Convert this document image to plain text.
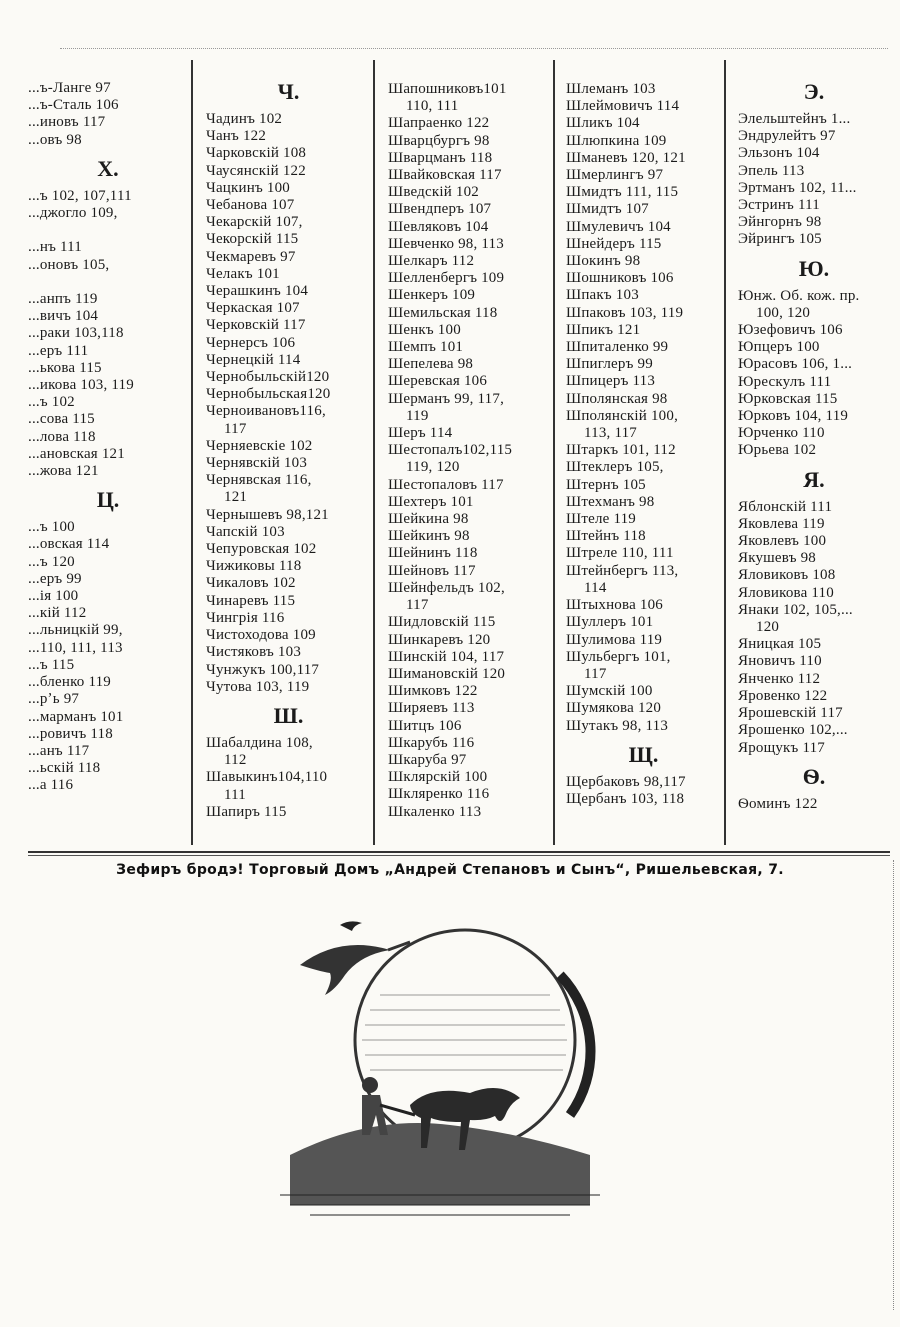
...ъ-Ланге 97
...ъ-Сталь 106
...иновъ 117
...овъ 98
Х.
...ъ 102, 107,111
...джогло 109,

...нъ 111
...оновъ 105,

...анпъ 119
...вичъ 104
...раки 103,118
...еръ 111
...ькова 115
...икова 103, 119
...ъ 102
...сова 115
...лова 118
...ановская 121
...жова 121
Ц.
...ъ 100
...овская 114
...ъ 120
...еръ 99
...ія 100
...кій 112
...льницкій 99,
...110, 111, 113
...ъ 115
...бленко 119
...рʼь 97
...марманъ 101
...ровичъ 118
...анъ 117
...ьскій 118
...а 116
Ч.
Чадинъ 102
Чанъ 122
Чарковскій 108
Чаусянскій 122
Чацкинъ 100
Чебанова 107
Чекарскій 107,
Чекорскій 115
Чекмаревъ 97
Челакъ 101
Черашкинъ 104
Черкаская 107
Черковскій 117
Чернерсъ 106
Чернецкій 114
Чернобыльскій120
Чернобыльская120
Черноивановъ116,
117
Черняевскіе 102
Чернявскій 103
Чернявская 116,
121
Чернышевъ 98,121
Чапскій 103
Чепуровская 102
Чижиковы 118
Чикаловъ 102
Чинаревъ 115
Чингрія 116
Чистоходова 109
Чистяковъ 103
Чунжукъ 100,117
Чутова 103, 119
Ш.
Шабалдина 108,
112
Шавыкинъ104,110
111
Шапиръ 115
Шапошниковъ101
110, 111
Шапраенко 122
Шварцбургъ 98
Шварцманъ 118
Швайковская 117
Шведскій 102
Швендперъ 107
Шевляковъ 104
Шевченко 98, 113
Шелкаръ 112
Шелленбергъ 109
Шенкеръ 109
Шемильская 118
Шенкъ 100
Шемпъ 101
Шепелева 98
Шеревская 106
Шерманъ 99, 117,
119
Шеръ 114
Шестопалъ102,115
119, 120
Шестопаловъ 117
Шехтеръ 101
Шейкина 98
Шейкинъ 98
Шейнинъ 118
Шейновъ 117
Шейнфельдъ 102,
117
Шидловскій 115
Шинкаревъ 120
Шинскій 104, 117
Шимановскій 120
Шимковъ 122
Ширяевъ 113
Шитцъ 106
Шкарубъ 116
Шкаруба 97
Шклярскій 100
Шкляренко 116
Шкаленко 113
Шлеманъ 103
Шлеймовичъ 114
Шликъ 104
Шлюпкина 109
Шманевъ 120, 121
Шмерлингъ 97
Шмидтъ 111, 115
Шмидтъ 107
Шмулевичъ 104
Шнейдеръ 115
Шокинъ 98
Шошниковъ 106
Шпакъ 103
Шпаковъ 103, 119
Шпикъ 121
Шпиталенко 99
Шпиглеръ 99
Шпицеръ 113
Шполянская 98
Шполянскій 100,
113, 117
Штаркъ 101, 112
Штеклеръ 105,
Штернъ 105
Штехманъ 98
Штеле 119
Штейнъ 118
Штреле 110, 111
Штейнбергъ 113,
114
Штыхнова 106
Шуллеръ 101
Шулимова 119
Шульбергъ 101,
117
Шумскій 100
Шумякова 120
Шутакъ 98, 113
Щ.
Щербаковъ 98,117
Щербанъ 103, 118
Э.
Элельштейнъ 1...
Эндрулейтъ 97
Эльзонъ 104
Эпель 113
Эртманъ 102, 11...
Эстринъ 111
Эйнгорнъ 98
Эйрингъ 105
Ю.
Юнж. Об. кож. пр.
100, 120
Юзефовичъ 106
Юпцеръ 100
Юрасовъ 106, 1...
Юрескулъ 111
Юрковская 115
Юрковъ 104, 119
Юрченко 110
Юрьева 102
Я.
Яблонскій 111
Яковлева 119
Яковлевъ 100
Якушевъ 98
Яловиковъ 108
Яловикова 110
Янаки 102, 105,...
120
Яницкая 105
Яновичъ 110
Янченко 112
Яровенко 122
Ярошевскій 117
Ярошенко 102,...
Ярощукъ 117
Ѳ.
Ѳоминъ 122
Зефиръ бродэ! Торговый Домъ „Андрей Степановъ и Сынъ“, Ришельевская, 7.
